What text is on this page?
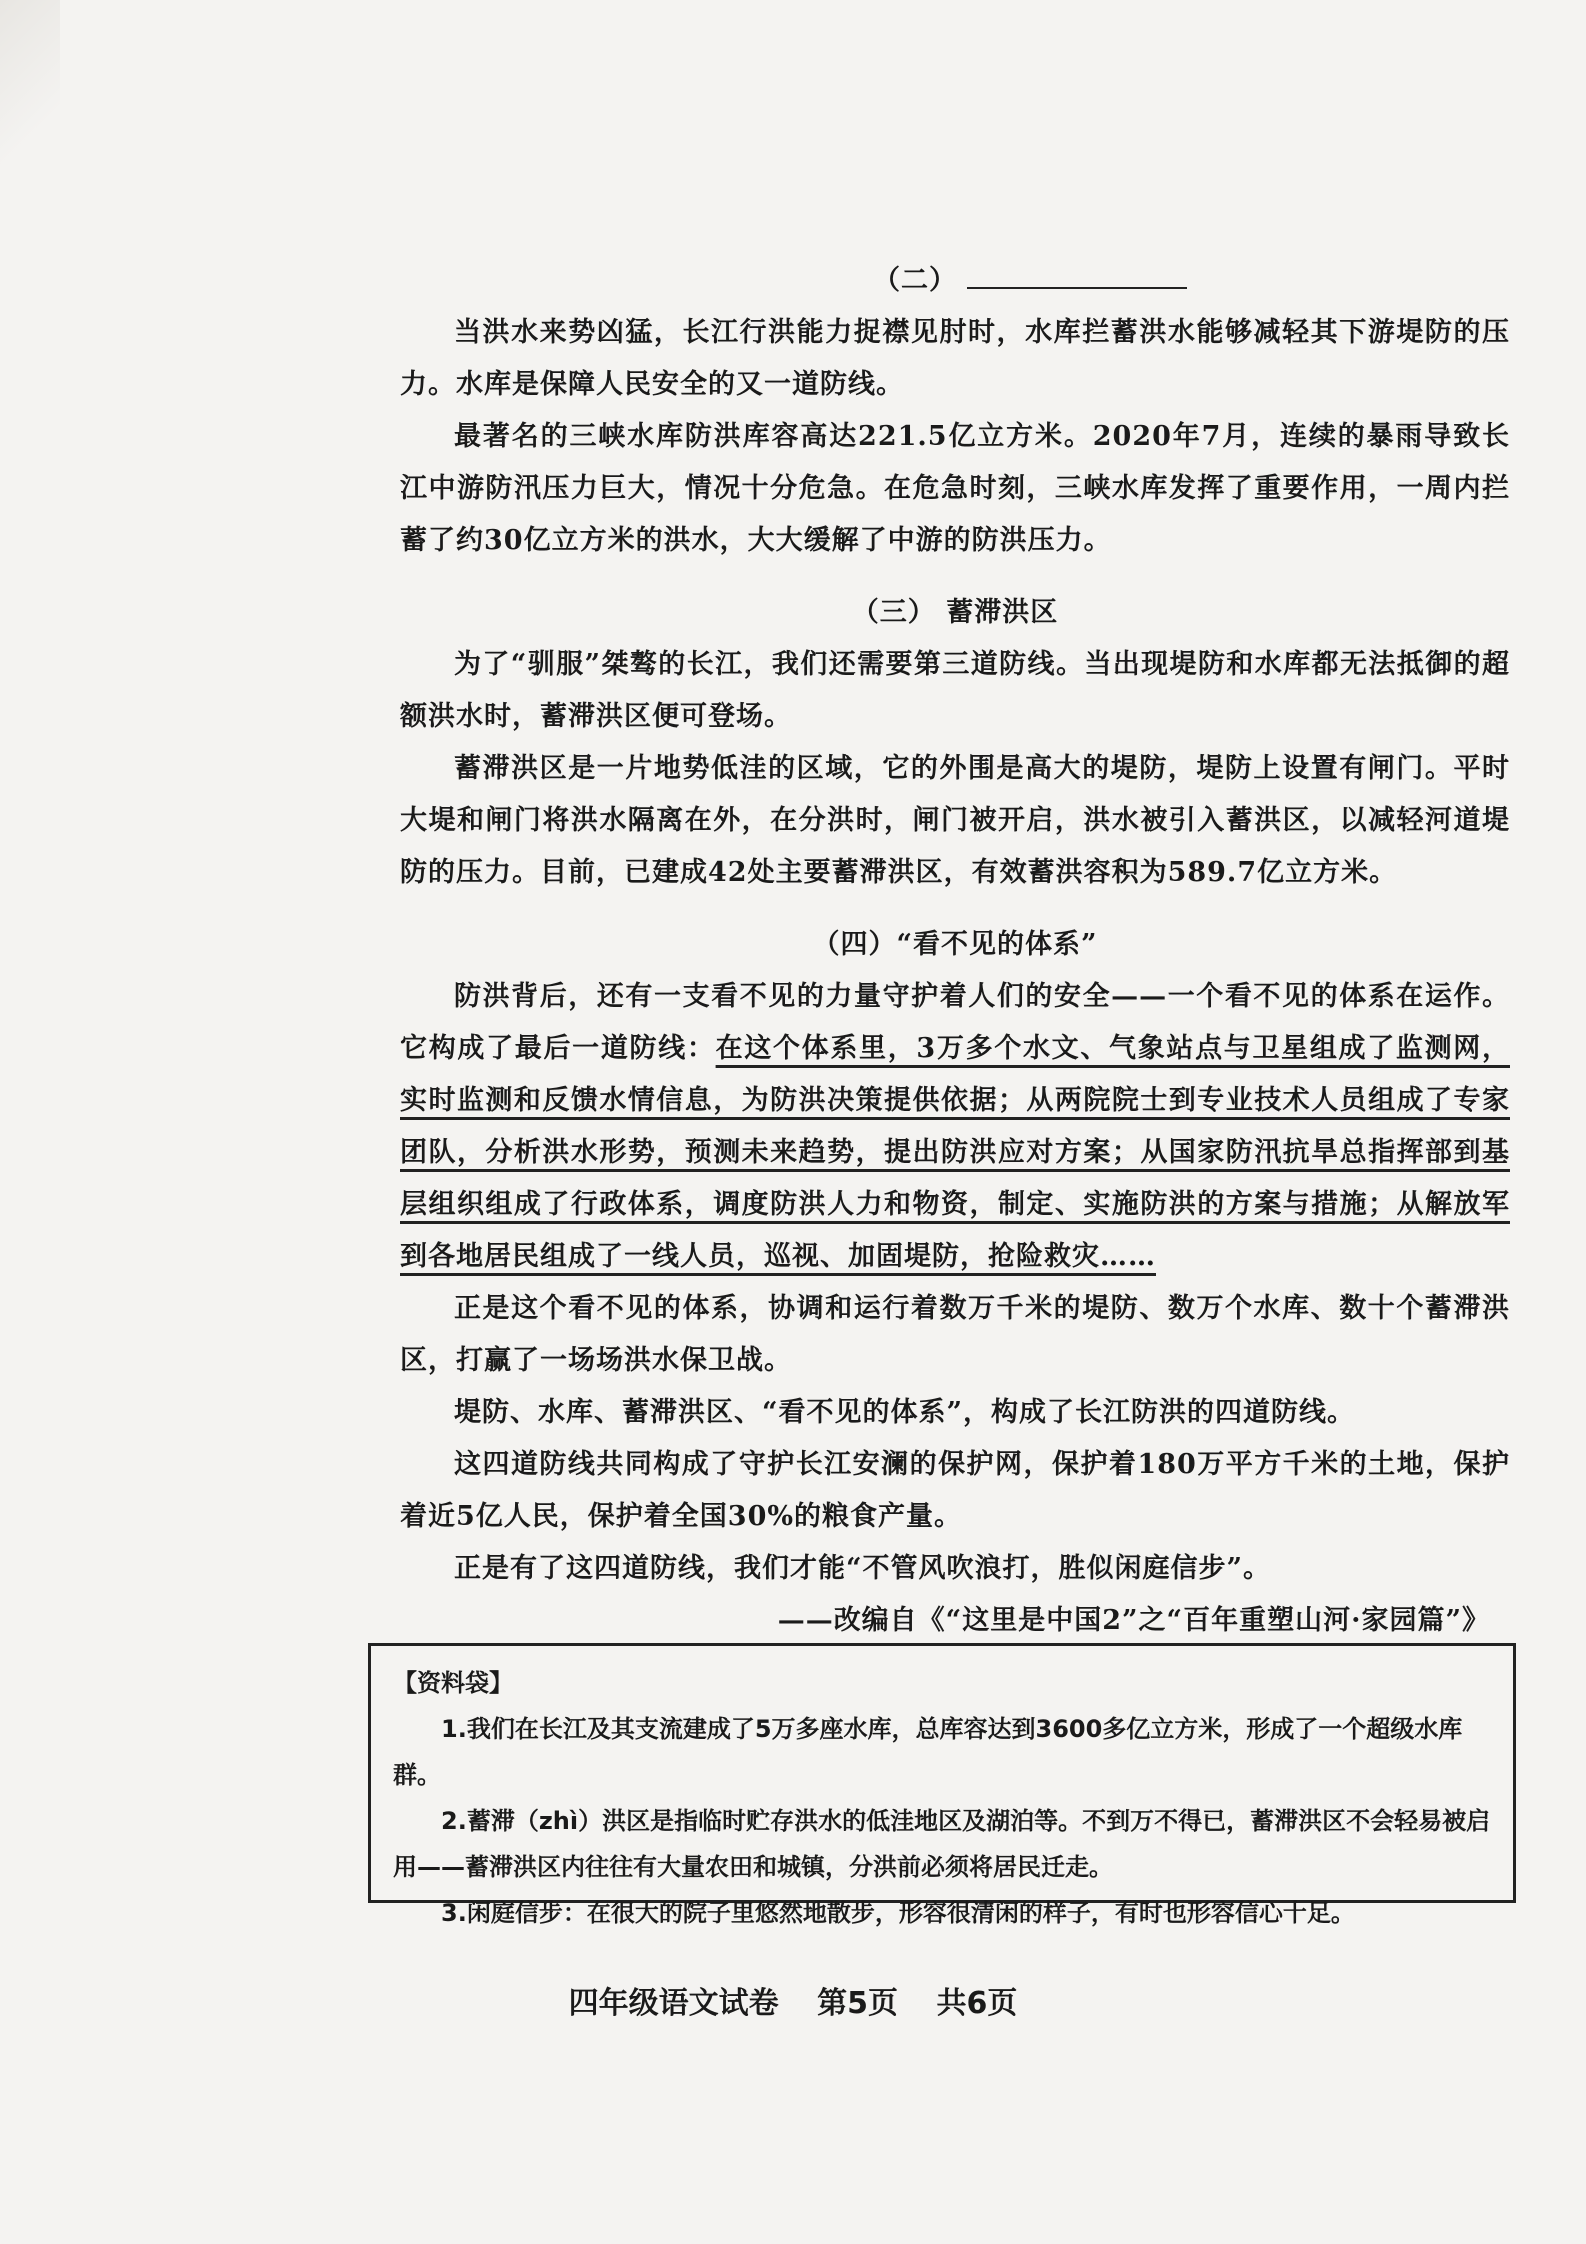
（二）

当洪水来势凶猛，长江行洪能力捉襟见肘时，水库拦蓄洪水能够减轻其下游堤防的压力。水库是保障人民安全的又一道防线。

最著名的三峡水库防洪库容高达221.5亿立方米。2020年7月，连续的暴雨导致长江中游防汛压力巨大，情况十分危急。在危急时刻，三峡水库发挥了重要作用，一周内拦蓄了约30亿立方米的洪水，大大缓解了中游的防洪压力。

（三） 蓄滞洪区

为了“驯服”桀骜的长江，我们还需要第三道防线。当出现堤防和水库都无法抵御的超额洪水时，蓄滞洪区便可登场。

蓄滞洪区是一片地势低洼的区域，它的外围是高大的堤防，堤防上设置有闸门。平时大堤和闸门将洪水隔离在外，在分洪时，闸门被开启，洪水被引入蓄洪区，以减轻河道堤防的压力。目前，已建成42处主要蓄滞洪区，有效蓄洪容积为589.7亿立方米。

（四）“看不见的体系”

防洪背后，还有一支看不见的力量守护着人们的安全——一个看不见的体系在运作。它构成了最后一道防线：在这个体系里，3万多个水文、气象站点与卫星组成了监测网，实时监测和反馈水情信息，为防洪决策提供依据；从两院院士到专业技术人员组成了专家团队，分析洪水形势，预测未来趋势，提出防洪应对方案；从国家防汛抗旱总指挥部到基层组织组成了行政体系，调度防洪人力和物资，制定、实施防洪的方案与措施；从解放军到各地居民组成了一线人员，巡视、加固堤防，抢险救灾……

正是这个看不见的体系，协调和运行着数万千米的堤防、数万个水库、数十个蓄滞洪区，打赢了一场场洪水保卫战。

堤防、水库、蓄滞洪区、“看不见的体系”，构成了长江防洪的四道防线。

这四道防线共同构成了守护长江安澜的保护网，保护着180万平方千米的土地，保护着近5亿人民，保护着全国30%的粮食产量。

正是有了这四道防线，我们才能“不管风吹浪打，胜似闲庭信步”。

——改编自《“这里是中国2”之“百年重塑山河·家园篇”》

【资料袋】

1.我们在长江及其支流建成了5万多座水库，总库容达到3600多亿立方米，形成了一个超级水库群。

2.蓄滞（zhì）洪区是指临时贮存洪水的低洼地区及湖泊等。不到万不得已，蓄滞洪区不会轻易被启用——蓄滞洪区内往往有大量农田和城镇，分洪前必须将居民迁走。

3.闲庭信步：在很大的院子里悠然地散步，形容很清闲的样子，有时也形容信心十足。

四年级语文试卷 第5页 共6页
